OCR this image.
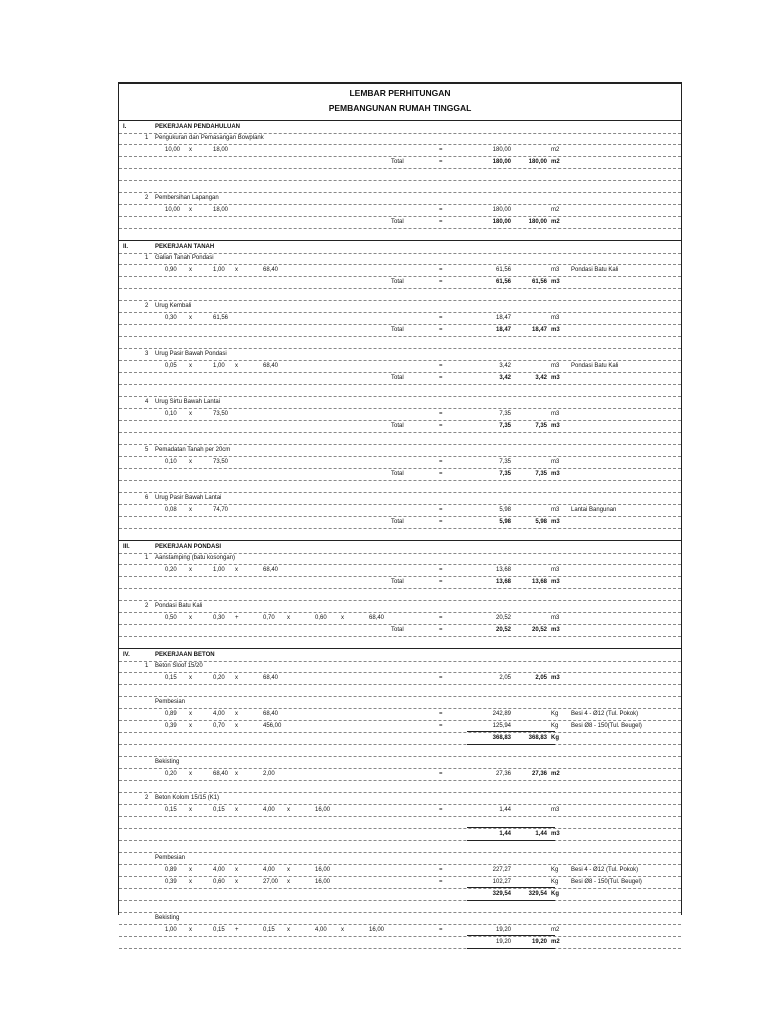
LEMBAR PERHITUNGAN
PEMBANGUNAN RUMAH TINGGAL
I.	PEKERJAAN PENDAHULUAN
1 Pengukuran dan Pemasangan Bowplank
10,00 x	18,00	=	180,00	m2
Total	=	180,00	180,00 m2
2 Pembersihan Lapangan
10,00 x	18,00	=	180,00	m2
Total	=	180,00	180,00 m2
II.	PEKERJAAN TANAH
1 Galian Tanah Pondasi
0,90 x	1,00 x	68,40	=	61,56	m3 Pondasi Batu Kali
Total	=	61,56	61,56 m3
2 Urug Kembali
0,30 x	61,56	=	18,47	m3
Total	=	18,47	18,47 m3
3 Urug Pasir Bawah Pondasi
0,05 x	1,00 x	68,40	=	3,42	m3 Pondasi Batu Kali
Total	=	3,42	3,42 m3
4 Urug Sirtu Bawah Lantai
0,10 x	73,50	=	7,35	m3
Total	=	7,35	7,35 m3
5 Pemadatan Tanah per 20cm
0,10 x	73,50	=	7,35	m3
Total	=	7,35	7,35 m3
6 Urug Pasir Bawah Lantai
0,08 x	74,70	=	5,98	m3 Lantai Bangunan
Total	=	5,98	5,98 m3
III.	PEKERJAAN PONDASI
1 Aanstamping (batu kosongan)
0,20 x	1,00 x	68,40	=	13,68	m3
Total	=	13,68	13,68 m3
2 Pondasi Batu Kali
0,50 x	0,30 +	0,70 x	0,60 x	68,40	=	20,52	m3
Total	=	20,52	20,52 m3
IV.	PEKERJAAN BETON
1 Beton Sloof 15/20
0,15 x	0,20 x	68,40	=	2,05	2,05 m3
Pembesian
0,89 x	4,00 x	68,40	=	242,89	Kg Besi 4 - Ø12 (Tul. Pokok)
0,39 x	0,70 x	456,00	=	125,94	Kg Besi Ø8 - 150(Tul. Beugel)
368,83	368,83 Kg
Bekisting
0,20 x	68,40 x	2,00	=	27,36	27,36 m2
2 Beton Kolom 15/15 (K1)
0,15 x	0,15 x	4,00 x	16,00	=	1,44	m3
1,44	1,44 m3
Pembesian
0,89 x	4,00 x	4,00 x	16,00	=	227,27	Kg Besi 4 - Ø12 (Tul. Pokok)
0,39 x	0,60 x	27,00 x	16,00	=	102,27	Kg Besi Ø8 - 150(Tul. Beugel)
329,54	329,54 Kg
Bekisting
1,00 x	0,15 +	0,15 x	4,00 x	16,00	=	19,20	m2
19,20	19,20 m2
